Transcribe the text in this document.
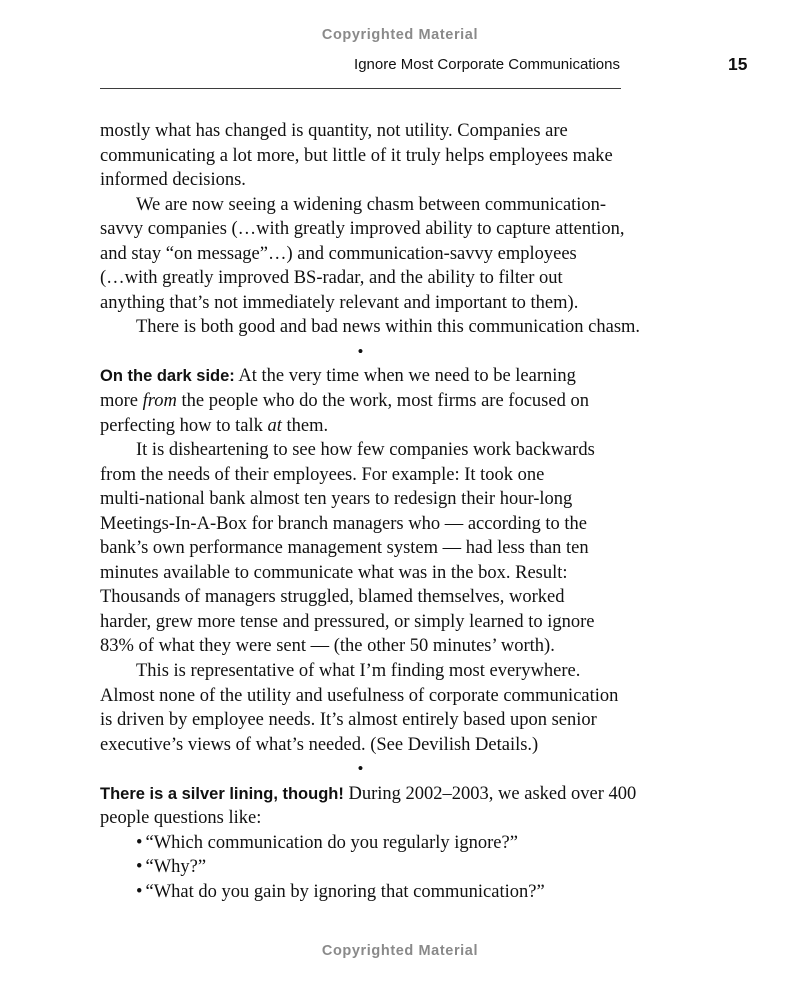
Copyrighted Material
Ignore Most Corporate Communications	15
mostly what has changed is quantity, not utility. Companies are
communicating a lot more, but little of it truly helps employees make
informed decisions.
We are now seeing a widening chasm between communication-
savvy companies (…with greatly improved ability to capture attention,
and stay “on message”…) and communication-savvy employees
(…with greatly improved BS-radar, and the ability to filter out
anything that’s not immediately relevant and important to them).
There is both good and bad news within this communication chasm.
•
On the dark side: At the very time when we need to be learning
more from the people who do the work, most firms are focused on
perfecting how to talk at them.
It is disheartening to see how few companies work backwards
from the needs of their employees. For example: It took one
multi-national bank almost ten years to redesign their hour-long
Meetings-In-A-Box for branch managers who — according to the
bank’s own performance management system — had less than ten
minutes available to communicate what was in the box. Result:
Thousands of managers struggled, blamed themselves, worked
harder, grew more tense and pressured, or simply learned to ignore
83% of what they were sent — (the other 50 minutes’ worth).
This is representative of what I’m finding most everywhere.
Almost none of the utility and usefulness of corporate communication
is driven by employee needs. It’s almost entirely based upon senior
executive’s views of what’s needed. (See Devilish Details.)
•
There is a silver lining, though! During 2002–2003, we asked over 400
people questions like:
• “Which communication do you regularly ignore?”
• “Why?”
• “What do you gain by ignoring that communication?”
Copyrighted Material
